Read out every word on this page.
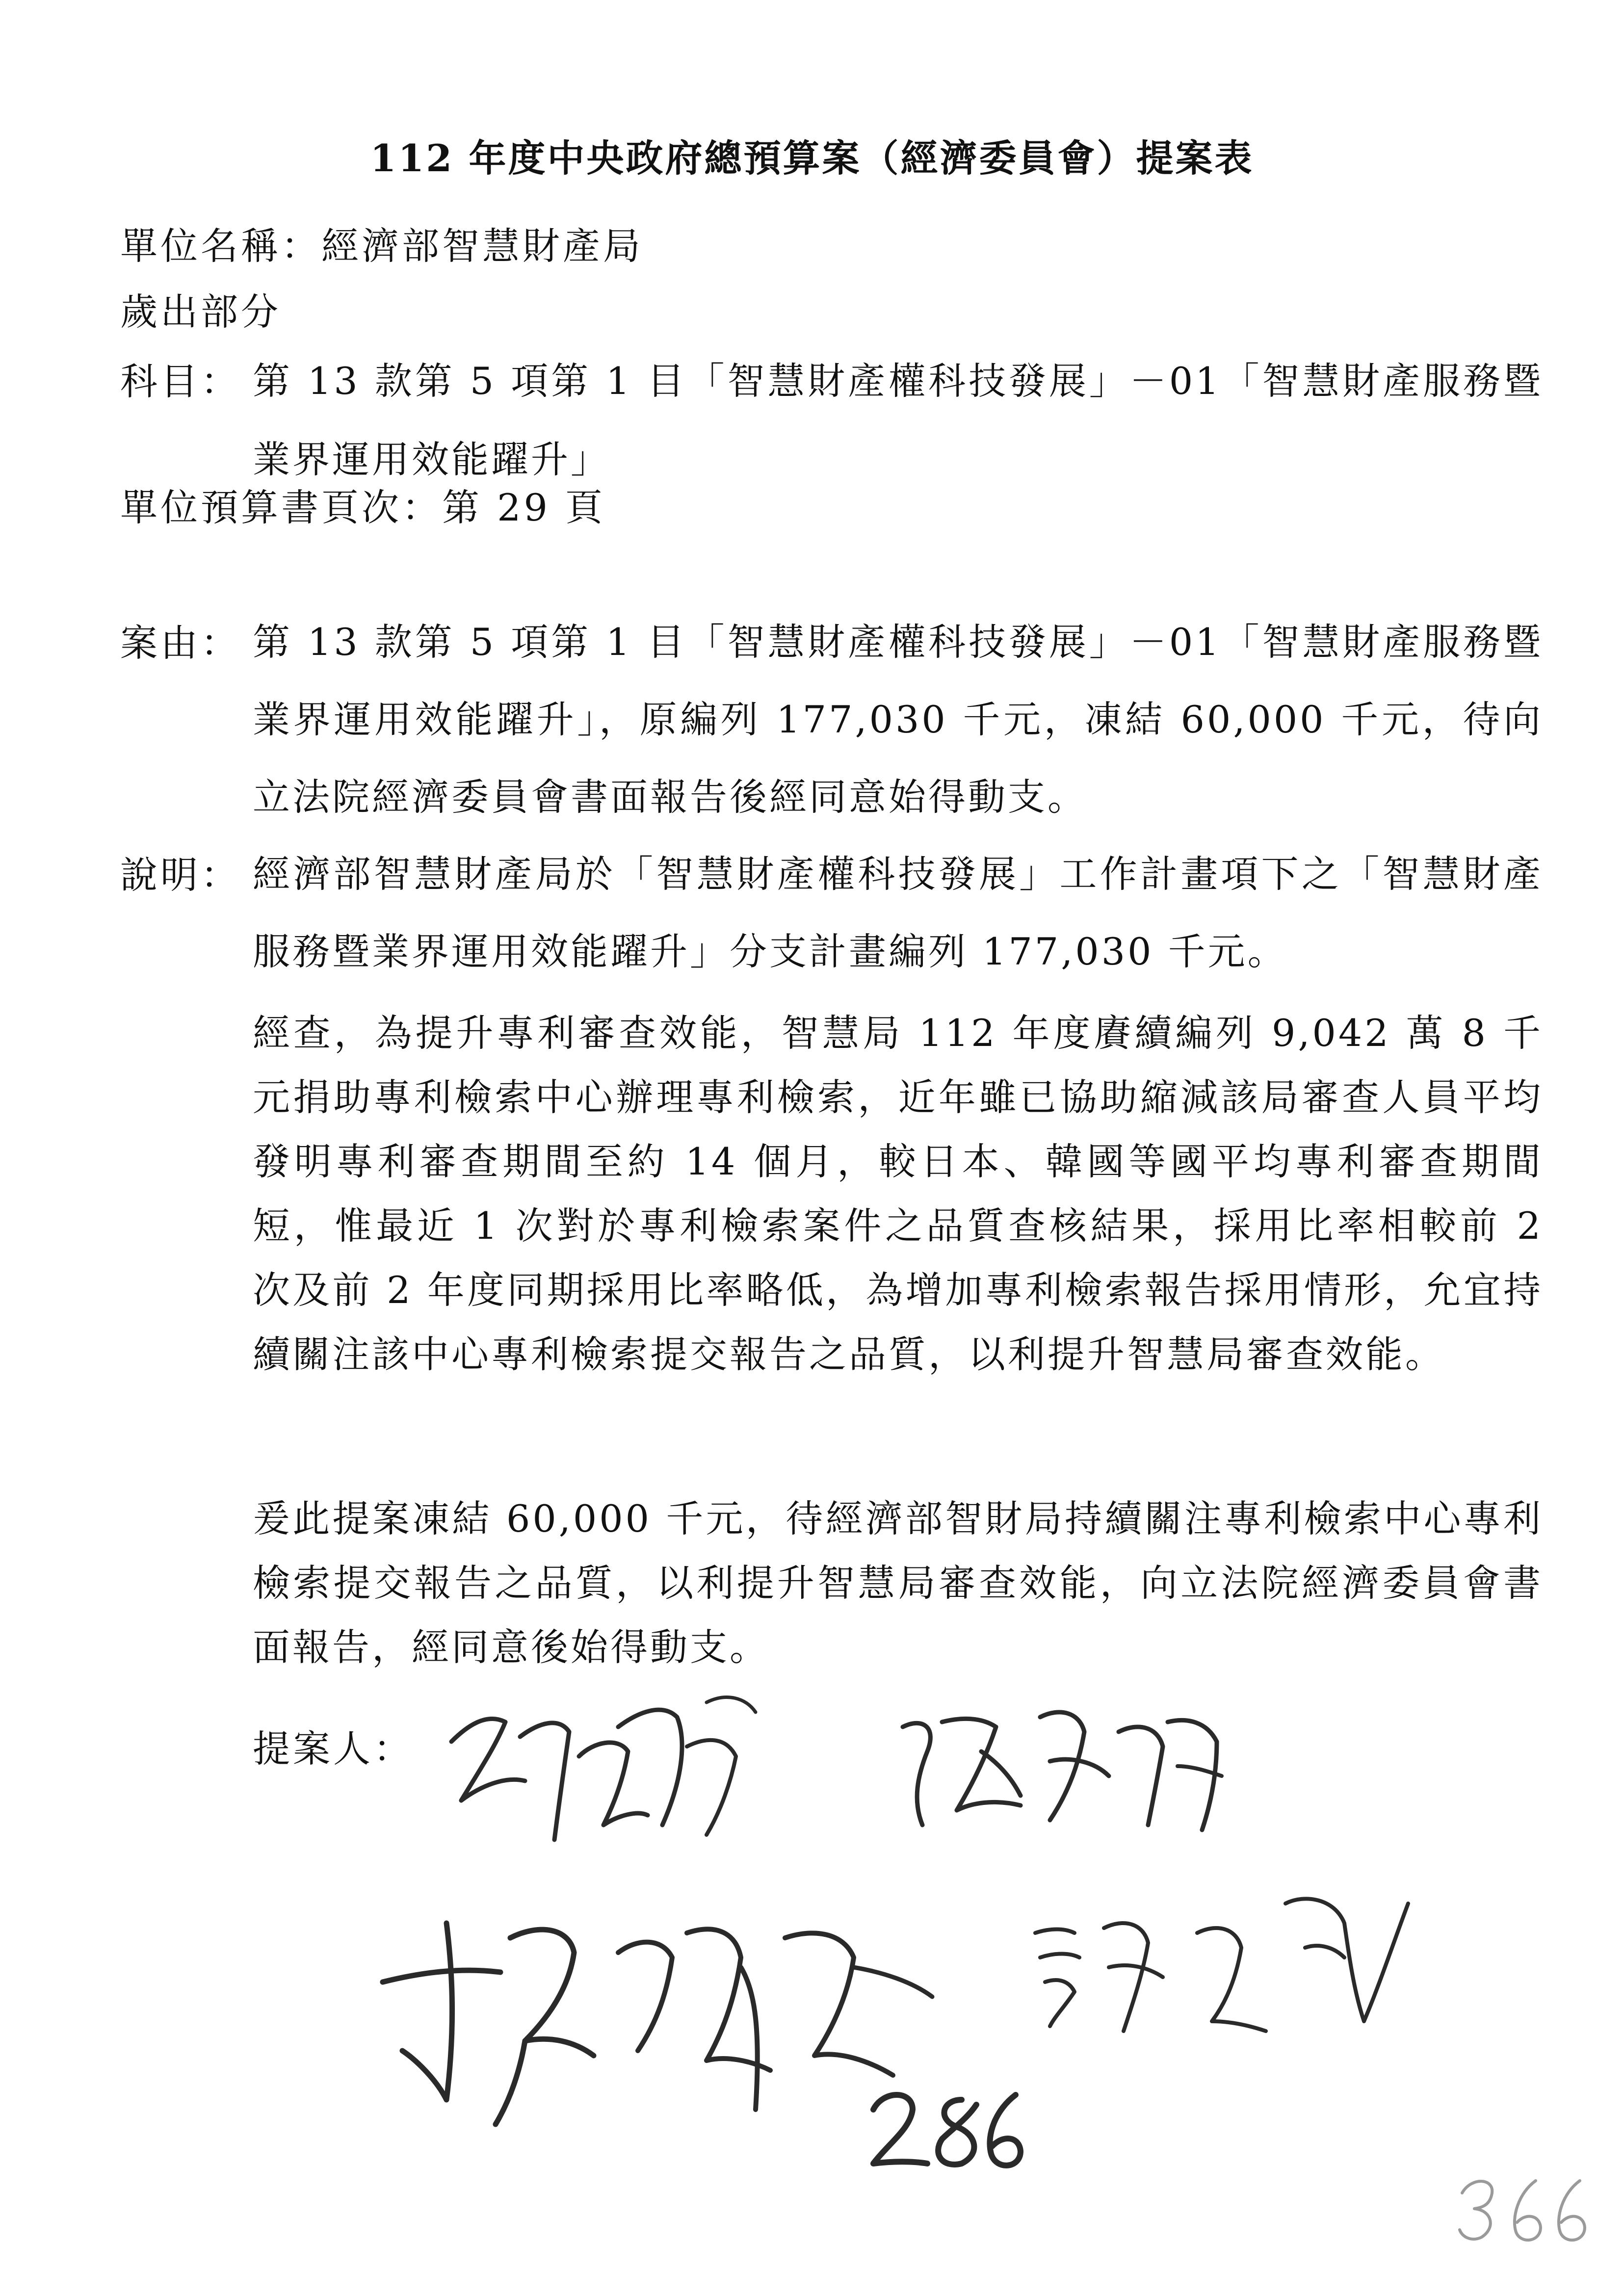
112 年度中央政府總預算案（經濟委員會）提案表
單位名稱：經濟部智慧財產局
歲出部分
科目： 第 13 款第 5 項第 1 目「智慧財產權科技發展」－01「智慧財產服務暨業界運用效能躍升」
單位預算書頁次：第 29 頁
案由： 第 13 款第 5 項第 1 目「智慧財產權科技發展」－01「智慧財產服務暨業界運用效能躍升」，原編列 177,030 千元，凍結 60,000 千元，待向立法院經濟委員會書面報告後經同意始得動支。
說明： 經濟部智慧財產局於「智慧財產權科技發展」工作計畫項下之「智慧財產服務暨業界運用效能躍升」分支計畫編列 177,030 千元。
經查，為提升專利審查效能，智慧局 112 年度賡續編列 9,042 萬 8 千元捐助專利檢索中心辦理專利檢索，近年雖已協助縮減該局審查人員平均發明專利審查期間至約 14 個月，較日本、韓國等國平均專利審查期間短，惟最近 1 次對於專利檢索案件之品質查核結果，採用比率相較前 2 次及前 2 年度同期採用比率略低，為增加專利檢索報告採用情形，允宜持續關注該中心專利檢索提交報告之品質，以利提升智慧局審查效能。
爰此提案凍結 60,000 千元，待經濟部智財局持續關注專利檢索中心專利檢索提交報告之品質，以利提升智慧局審查效能，向立法院經濟委員會書面報告，經同意後始得動支。
提案人：
286
366
